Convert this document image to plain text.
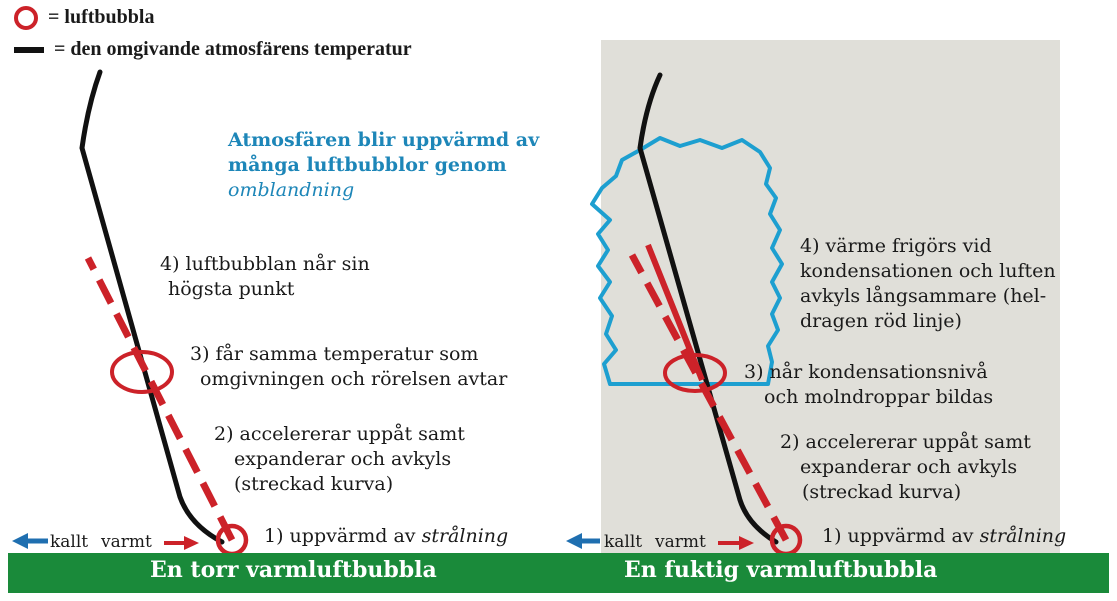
= luftbubbla
= den omgivande atmosfärens temperatur
4) luftbubblan når sin
högsta punkt
3) får samma temperatur som
omgivningen och rörelsen avtar
2) accelererar uppåt samt
expanderar och avkyls
(streckad kurva)
1) uppvärmd av strålning
kallt varmt
Atmosfären blir uppvärmd av
många luftbubblor genom
omblandning
4) värme frigörs vid
kondensationen och luften
avkyls långsammare (hel-
dragen röd linje)
3) når kondensationsnivå
och molndroppar bildas
2) accelererar uppåt samt
expanderar och avkyls
(streckad kurva)
1) uppvärmd av strålning
kallt varmt
En torr varmluftbubbla	En fuktig varmluftbubbla
